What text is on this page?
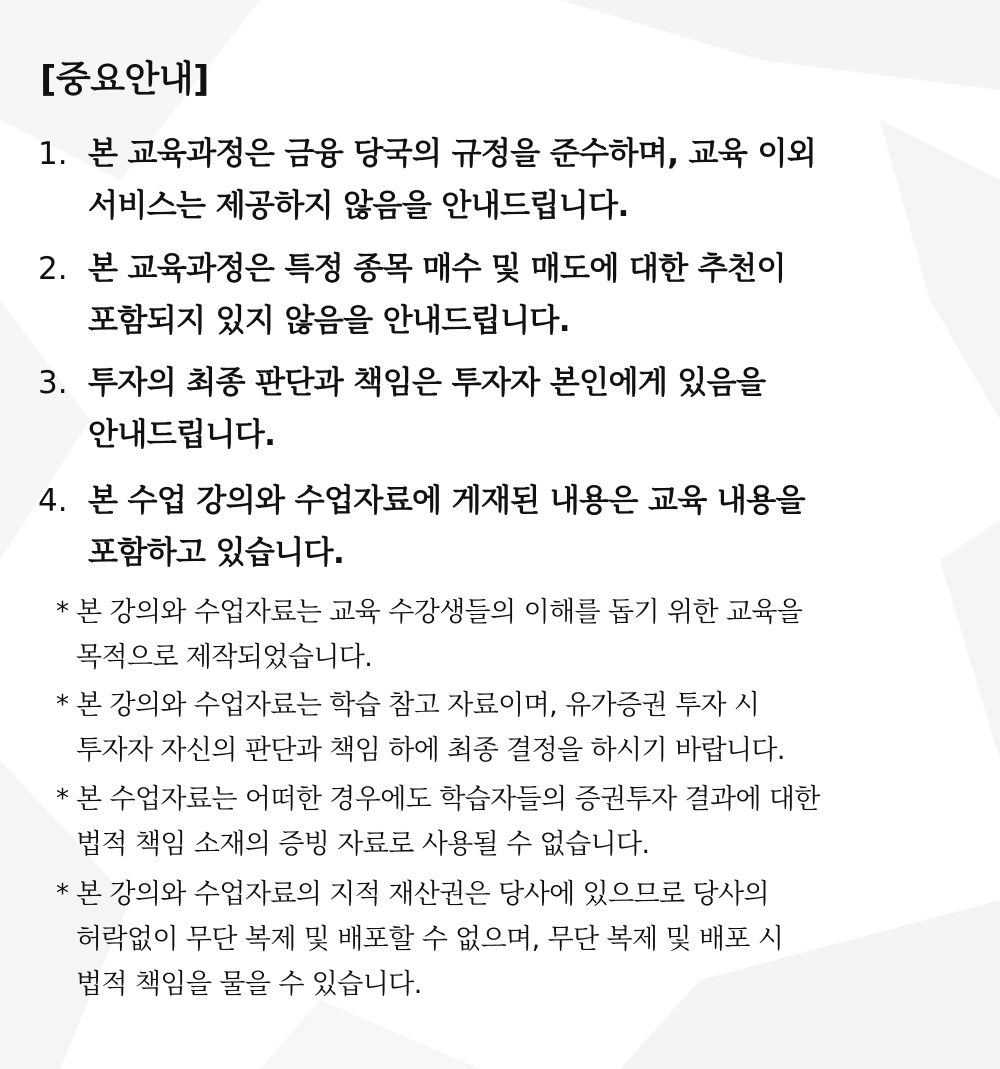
[중요안내]
1. 본 교육과정은 금융 당국의 규정을 준수하며, 교육 이외
서비스는 제공하지 않음을 안내드립니다.
2. 본 교육과정은 특정 종목 매수 및 매도에 대한 추천이
포함되지 있지 않음을 안내드립니다.
3. 투자의 최종 판단과 책임은 투자자 본인에게 있음을
안내드립니다.
4. 본 수업 강의와 수업자료에 게재된 내용은 교육 내용을
포함하고 있습니다.
* 본 강의와 수업자료는 교육 수강생들의 이해를 돕기 위한 교육을
목적으로 제작되었습니다.
* 본 강의와 수업자료는 학습 참고 자료이며, 유가증권 투자 시
투자자 자신의 판단과 책임 하에 최종 결정을 하시기 바랍니다.
* 본 수업자료는 어떠한 경우에도 학습자들의 증권투자 결과에 대한
법적 책임 소재의 증빙 자료로 사용될 수 없습니다.
* 본 강의와 수업자료의 지적 재산권은 당사에 있으므로 당사의
허락없이 무단 복제 및 배포할 수 없으며, 무단 복제 및 배포 시
법적 책임을 물을 수 있습니다.
